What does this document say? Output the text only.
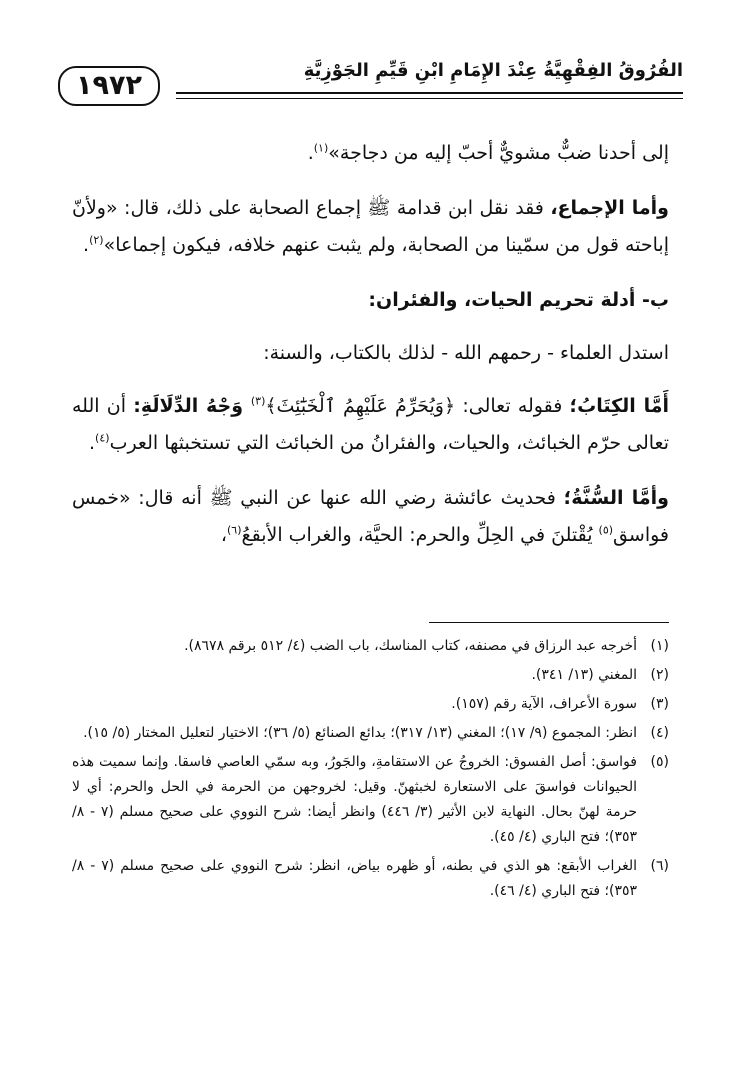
الفُرُوقُ الفِقْهِيَّةُ عِنْدَ الإِمَامِ ابْنِ قَيِّمِ الجَوْزِيَّةِ
١٩٧٢

إلى أحدنا ضبٌّ مشويٌّ أحبّ إليه من دجاجة»$^{(١)}$.

وأما الإجماع، فقد نقل ابن قدامة ﷺ إجماع الصحابة على ذلك، قال: «ولأنّ إباحته قول من سمّينا من الصحابة، ولم يثبت عنهم خلافه، فيكون إجماعا»$^{(٢)}$.

ب- أدلة تحريم الحيات، والفئران:

استدل العلماء - رحمهم الله - لذلك بالكتاب، والسنة:

أَمَّا الكِتَابُ؛ فقوله تعالى: ﴿وَيُحَرِّمُ عَلَيْهِمُ ٱلْخَبَٰٓئِثَ﴾$^{(٣)}$ وَجْهُ الدِّلَالَةِ: أن الله تعالى حرّم الخبائث، والحيات، والفئرانُ من الخبائث التي تستخبثها العرب$^{(٤)}$.

وأمَّا السُّنَّةُ؛ فحديث عائشة رضي الله عنها عن النبي ﷺ أنه قال: «خمس فواسق$^{(٥)}$ يُقْتلنَ في الحِلِّ والحرم: الحيَّة، والغراب الأبقعُ$^{(٦)}$،

(١)
أخرجه عبد الرزاق في مصنفه، كتاب المناسك، باب الضب (٤/ ٥١٢ برقم ٨٦٧٨).
(٢)
المغني (١٣/ ٣٤١).
(٣)
سورة الأعراف، الآية رقم (١٥٧).
(٤)
انظر: المجموع (٩/ ١٧)؛ المغني (١٣/ ٣١٧)؛ بدائع الصنائع (٥/ ٣٦)؛ الاختيار لتعليل المختار (٥/ ١٥).
(٥)
فواسق: أصل الفسوق: الخروجُ عن الاستقامةِ، والجَورُ، وبه سمّي العاصي فاسقا. وإنما سميت هذه الحيوانات فواسقَ على الاستعارة لخبثهنّ. وقيل: لخروجهن من الحرمة في الحل والحرم: أي لا حرمة لهنّ بحال. النهاية لابن الأثير (٣/ ٤٤٦) وانظر أيضا: شرح النووي على صحيح مسلم (٧ - ٨/ ٣٥٣)؛ فتح الباري (٤/ ٤٥).
(٦)
الغراب الأبقع: هو الذي في بطنه، أو ظهره بياض، انظر: شرح النووي على صحيح مسلم (٧ - ٨/ ٣٥٣)؛ فتح الباري (٤/ ٤٦).
